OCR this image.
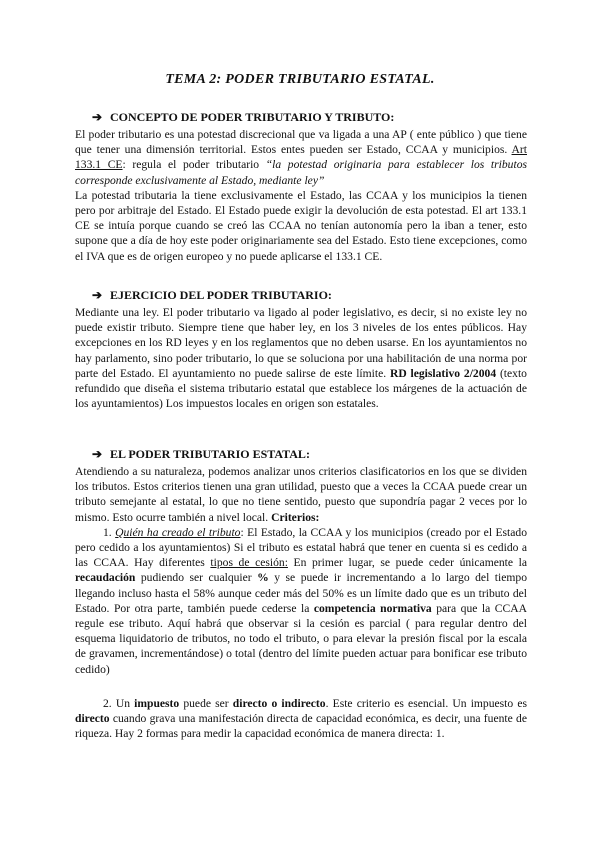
TEMA 2: PODER TRIBUTARIO ESTATAL.
➔ CONCEPTO DE PODER TRIBUTARIO Y TRIBUTO:

El poder tributario es una potestad discrecional que va ligada a una AP ( ente público ) que tiene que tener una dimensión territorial. Estos entes pueden ser Estado, CCAA y municipios. Art 133.1 CE: regula el poder tributario “la potestad originaria para establecer los tributos corresponde exclusivamente al Estado, mediante ley”

La potestad tributaria la tiene exclusivamente el Estado, las CCAA y los municipios la tienen pero por arbitraje del Estado. El Estado puede exigir la devolución de esta potestad. El art 133.1 CE se intuía porque cuando se creó las CCAA no tenían autonomía pero la iban a tener, esto supone que a día de hoy este poder originariamente sea del Estado. Esto tiene excepciones, como el IVA que es de origen europeo y no puede aplicarse el 133.1 CE.

➔ EJERCICIO DEL PODER TRIBUTARIO:

Mediante una ley. El poder tributario va ligado al poder legislativo, es decir, si no existe ley no puede existir tributo. Siempre tiene que haber ley, en los 3 niveles de los entes públicos. Hay excepciones en los RD leyes y en los reglamentos que no deben usarse. En los ayuntamientos no hay parlamento, sino poder tributario, lo que se soluciona por una habilitación de una norma por parte del Estado. El ayuntamiento no puede salirse de este límite. RD legislativo 2/2004 (texto refundido que diseña el sistema tributario estatal que establece los márgenes de la actuación de los ayuntamientos) Los impuestos locales en origen son estatales.

➔ EL PODER TRIBUTARIO ESTATAL:

Atendiendo a su naturaleza, podemos analizar unos criterios clasificatorios en los que se dividen los tributos. Estos criterios tienen una gran utilidad, puesto que a veces la CCAA puede crear un tributo semejante al estatal, lo que no tiene sentido, puesto que supondría pagar 2 veces por lo mismo. Esto ocurre también a nivel local. Criterios:

1. Quién ha creado el tributo: El Estado, la CCAA y los municipios (creado por el Estado pero cedido a los ayuntamientos) Si el tributo es estatal habrá que tener en cuenta si es cedido a las CCAA. Hay diferentes tipos de cesión: En primer lugar, se puede ceder únicamente la recaudación pudiendo ser cualquier % y se puede ir incrementando a lo largo del tiempo llegando incluso hasta el 58% aunque ceder más del 50% es un límite dado que es un tributo del Estado. Por otra parte, también puede cederse la competencia normativa para que la CCAA regule ese tributo. Aquí habrá que observar si la cesión es parcial ( para regular dentro del esquema liquidatorio de tributos, no todo el tributo, o para elevar la presión fiscal por la escala de gravamen, incrementándose) o total (dentro del límite pueden actuar para bonificar ese tributo cedido)

2. Un impuesto puede ser directo o indirecto. Este criterio es esencial. Un impuesto es directo cuando grava una manifestación directa de capacidad económica, es decir, una fuente de riqueza. Hay 2 formas para medir la capacidad económica de manera directa: 1.
